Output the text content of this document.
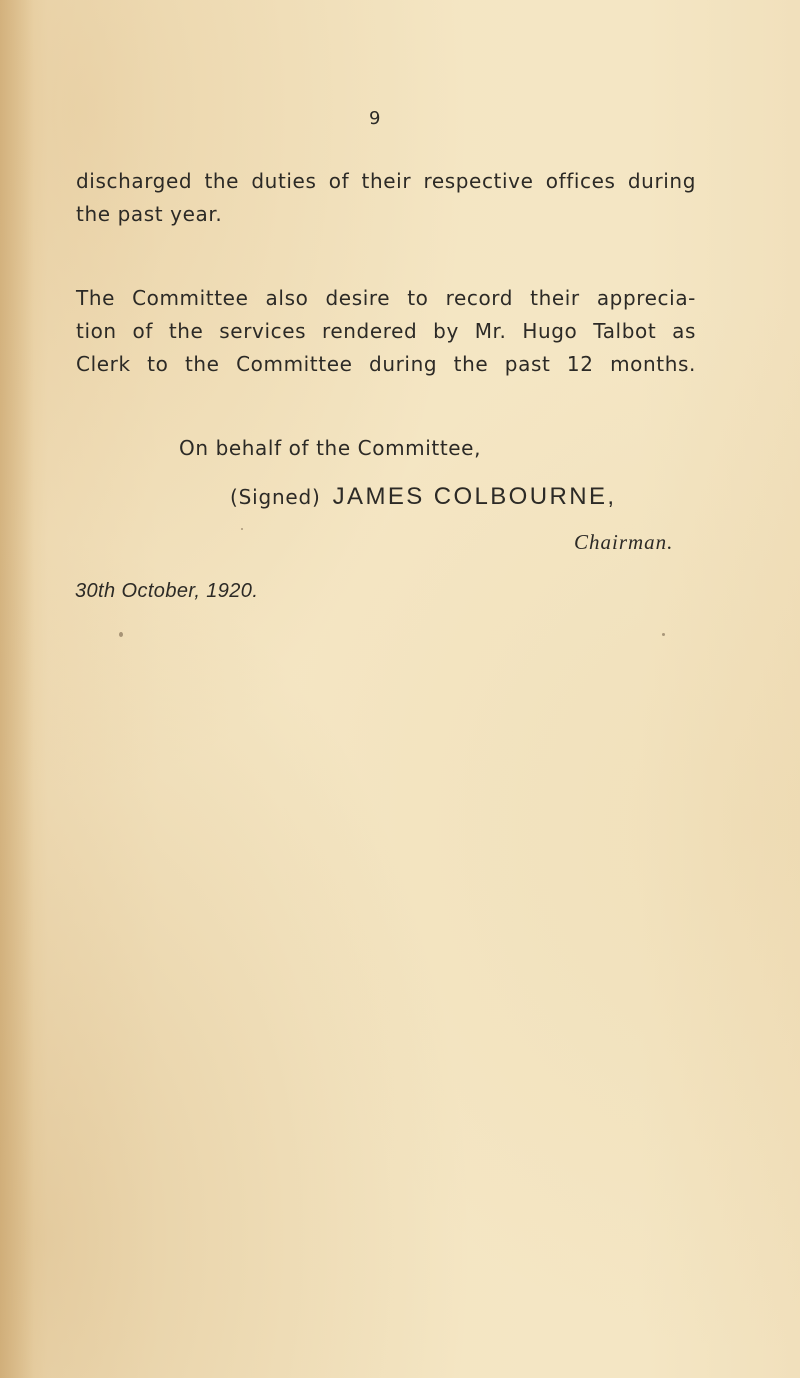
9
discharged the duties of their respective offices during
the past year.
The Committee also desire to record their apprecia-
tion of the services rendered by Mr. Hugo Talbot as
Clerk to the Committee during the past 12 months.
On behalf of the Committee,
(Signed) JAMES COLBOURNE,
Chairman.
30th October, 1920.
